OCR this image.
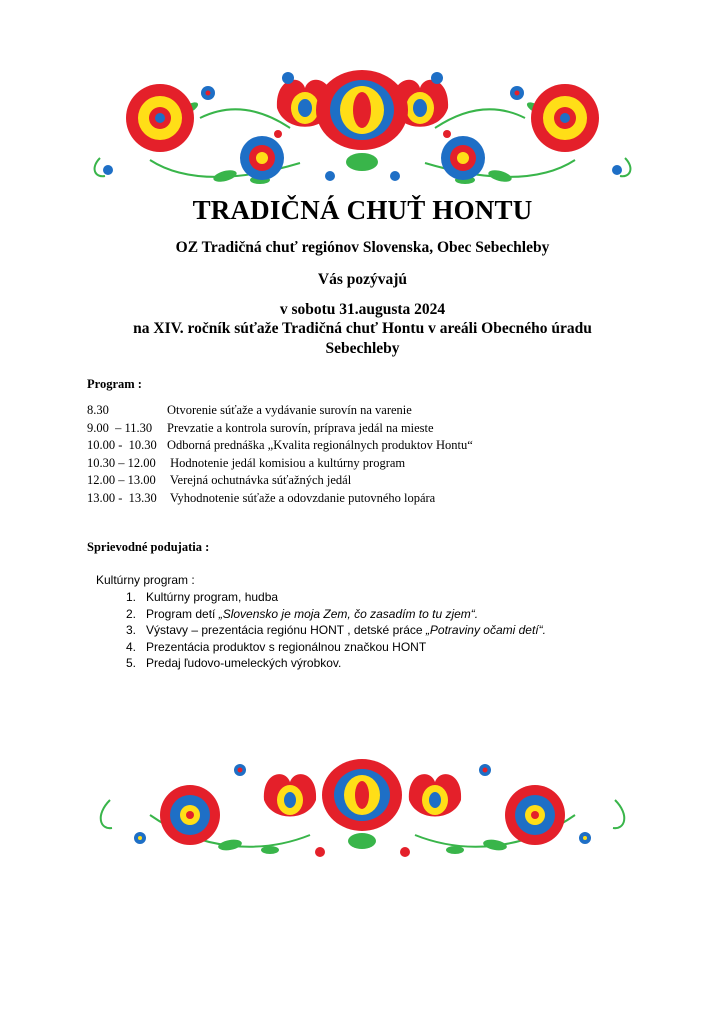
TRADIČNÁ CHUŤ HONTU
OZ Tradičná chuť regiónov Slovenska, Obec Sebechleby
Vás pozývajú
v sobotu 31.augusta 2024
na XIV. ročník súťaže Tradičná chuť Hontu v areáli Obecného úradu
Sebechleby
Program :
8.30	Otvorenie súťaže a vydávanie surovín na varenie
9.00  – 11.30	Prevzatie a kontrola surovín, príprava jedál na mieste
10.00 -  10.30 Odborná prednáška „Kvalita regionálnych produktov Hontu“
10.30 – 12.00 Hodnotenie jedál komisiou a kultúrny program
12.00 – 13.00 Verejná ochutnávka súťažných jedál
13.00 -  13.30 Vyhodnotenie súťaže a odovzdanie putovného lopára
Sprievodné podujatia :
Kultúrny program :
1. Kultúrny program, hudba
2. Program detí „Slovensko je moja Zem, čo zasadím to tu zjem“.
3. Výstavy – prezentácia regiónu HONT , detské práce „Potraviny očami detí“.
4. Prezentácia produktov s regionálnou značkou HONT
5. Predaj ľudovo-umeleckých výrobkov.
